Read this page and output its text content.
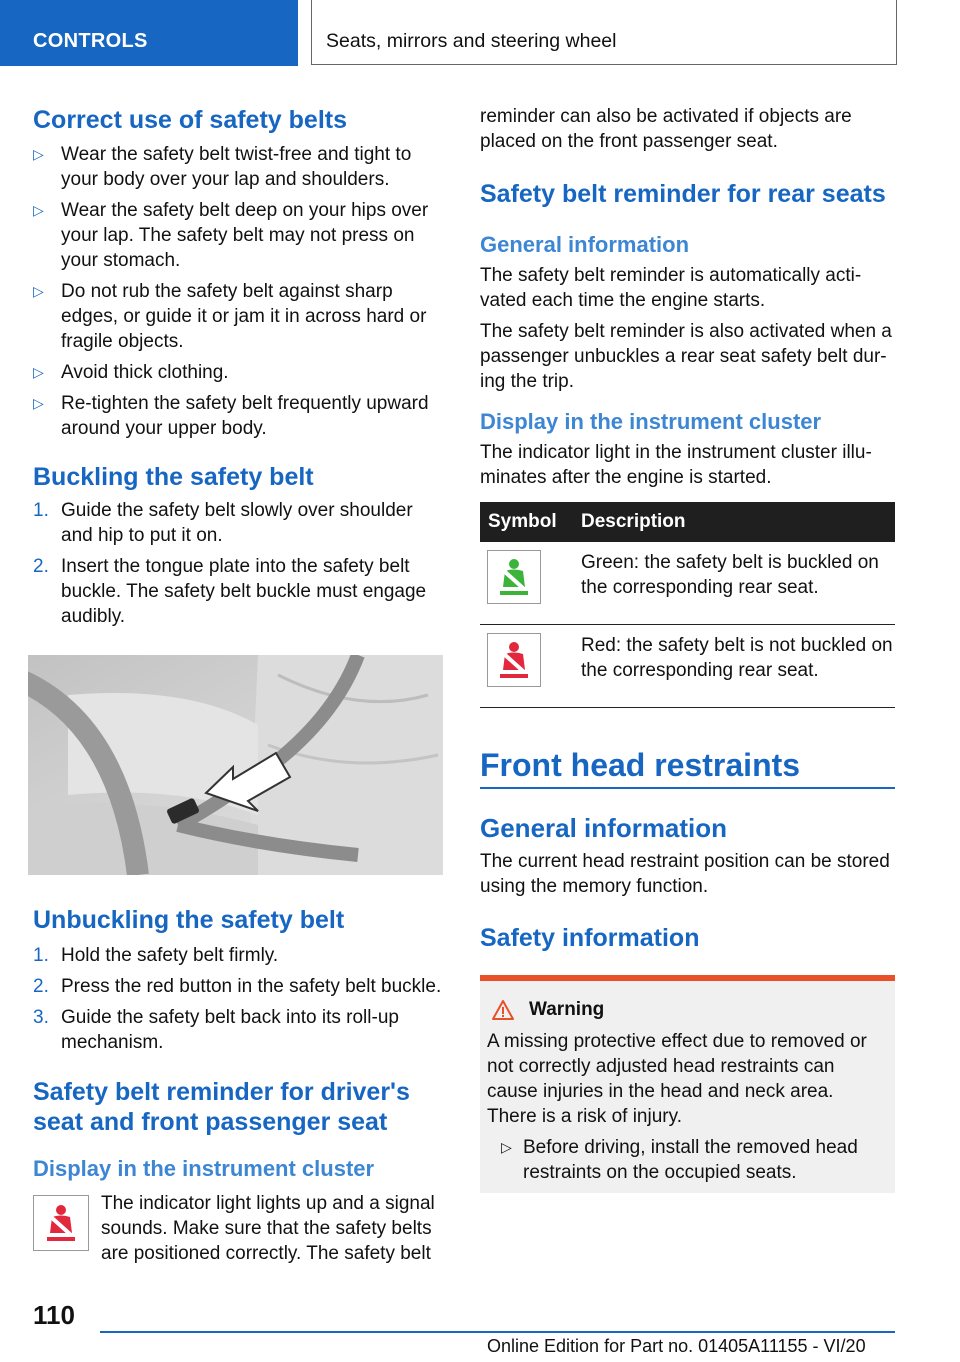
CONTROLS	Seats, mirrors and steering wheel
Correct use of safety belts
▷ Wear the safety belt twist-free and tight to your body over your lap and shoulders.
▷ Wear the safety belt deep on your hips over your lap. The safety belt may not press on your stomach.
▷ Do not rub the safety belt against sharp edges, or guide it or jam it in across hard or fragile objects.
▷ Avoid thick clothing.
▷ Re-tighten the safety belt frequently upward around your upper body.
Buckling the safety belt
1. Guide the safety belt slowly over shoulder and hip to put it on.
2. Insert the tongue plate into the safety belt buckle. The safety belt buckle must engage audibly.
Unbuckling the safety belt
1. Hold the safety belt firmly.
2. Press the red button in the safety belt buckle.
3. Guide the safety belt back into its roll-up mechanism.
Safety belt reminder for driver's seat and front passenger seat
Display in the instrument cluster

The indicator light lights up and a signal sounds. Make sure that the safety belts are positioned correctly. The safety belt

reminder can also be activated if objects are placed on the front passenger seat.

Safety belt reminder for rear seats
General information

The safety belt reminder is automatically acti-vated each time the engine starts.

The safety belt reminder is also activated when a passenger unbuckles a rear seat safety belt dur-ing the trip.

Display in the instrument cluster

The indicator light in the instrument cluster illu-minates after the engine is started.

Symbol	Description

	Green: the safety belt is buckled on the corresponding rear seat.

	Red: the safety belt is not buckled on the corresponding rear seat.
Front head restraints
General information

The current head restraint position can be stored using the memory function.

Safety information
Warning

A missing protective effect due to removed or not correctly adjusted head restraints can cause injuries in the head and neck area. There is a risk of injury.

▷ Before driving, install the removed head restraints on the occupied seats.
110
Online Edition for Part no. 01405A11155 - VI/20
